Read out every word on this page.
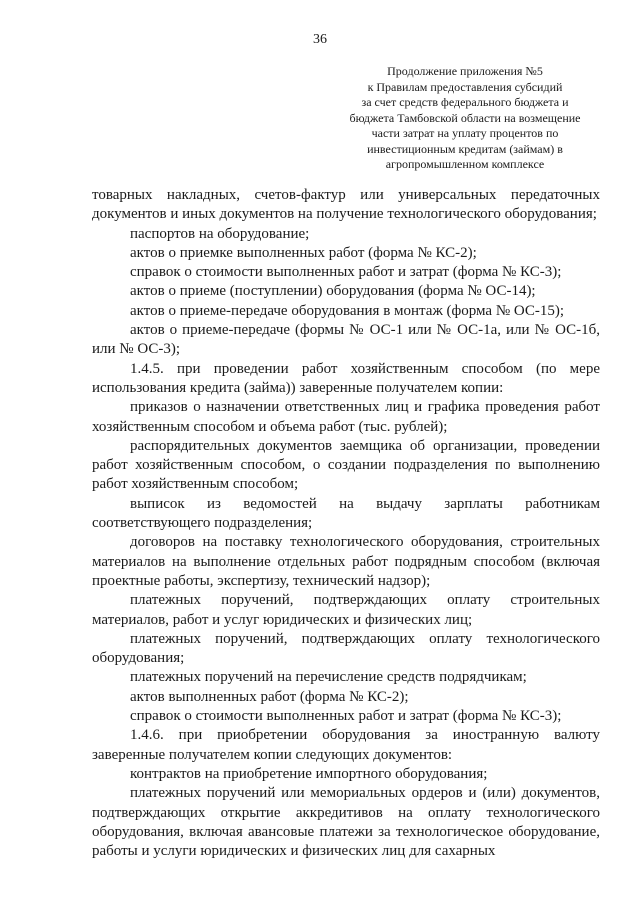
36
Продолжение приложения №5
к Правилам предоставления субсидий
за счет средств федерального бюджета и
бюджета Тамбовской области на возмещение
части затрат на уплату процентов по
инвестиционным кредитам (займам) в
агропромышленном комплексе

товарных накладных, счетов-фактур или универсальных передаточных документов и иных документов на получение технологического оборудования;

паспортов на оборудование;

актов о приемке выполненных работ (форма № КС-2);

справок о стоимости выполненных работ и затрат (форма № КС-3);

актов о приеме (поступлении) оборудования (форма № ОС-14);

актов о приеме-передаче оборудования в монтаж (форма № ОС-15);

актов о приеме-передаче (формы № ОС-1 или № ОС-1а, или № ОС-1б, или № ОС-3);

1.4.5. при проведении работ хозяйственным способом (по мере использования кредита (займа)) заверенные получателем копии:

приказов о назначении ответственных лиц и графика проведения работ хозяйственным способом и объема работ (тыс. рублей);

распорядительных документов заемщика об организации, проведении работ хозяйственным способом, о создании подразделения по выполнению работ хозяйственным способом;

выписок из ведомостей на выдачу зарплаты работникам соответствующего подразделения;

договоров на поставку технологического оборудования, строительных материалов на выполнение отдельных работ подрядным способом (включая проектные работы, экспертизу, технический надзор);

платежных поручений, подтверждающих оплату строительных материалов, работ и услуг юридических и физических лиц;

платежных поручений, подтверждающих оплату технологического оборудования;

платежных поручений на перечисление средств подрядчикам;

актов выполненных работ (форма № КС-2);

справок о стоимости выполненных работ и затрат (форма № КС-3);

1.4.6. при приобретении оборудования за иностранную валюту заверенные получателем копии следующих документов:

контрактов на приобретение импортного оборудования;

платежных поручений или мемориальных ордеров и (или) документов, подтверждающих открытие аккредитивов на оплату технологического оборудования, включая авансовые платежи за технологическое оборудование, работы и услуги юридических и физических лиц для сахарных
